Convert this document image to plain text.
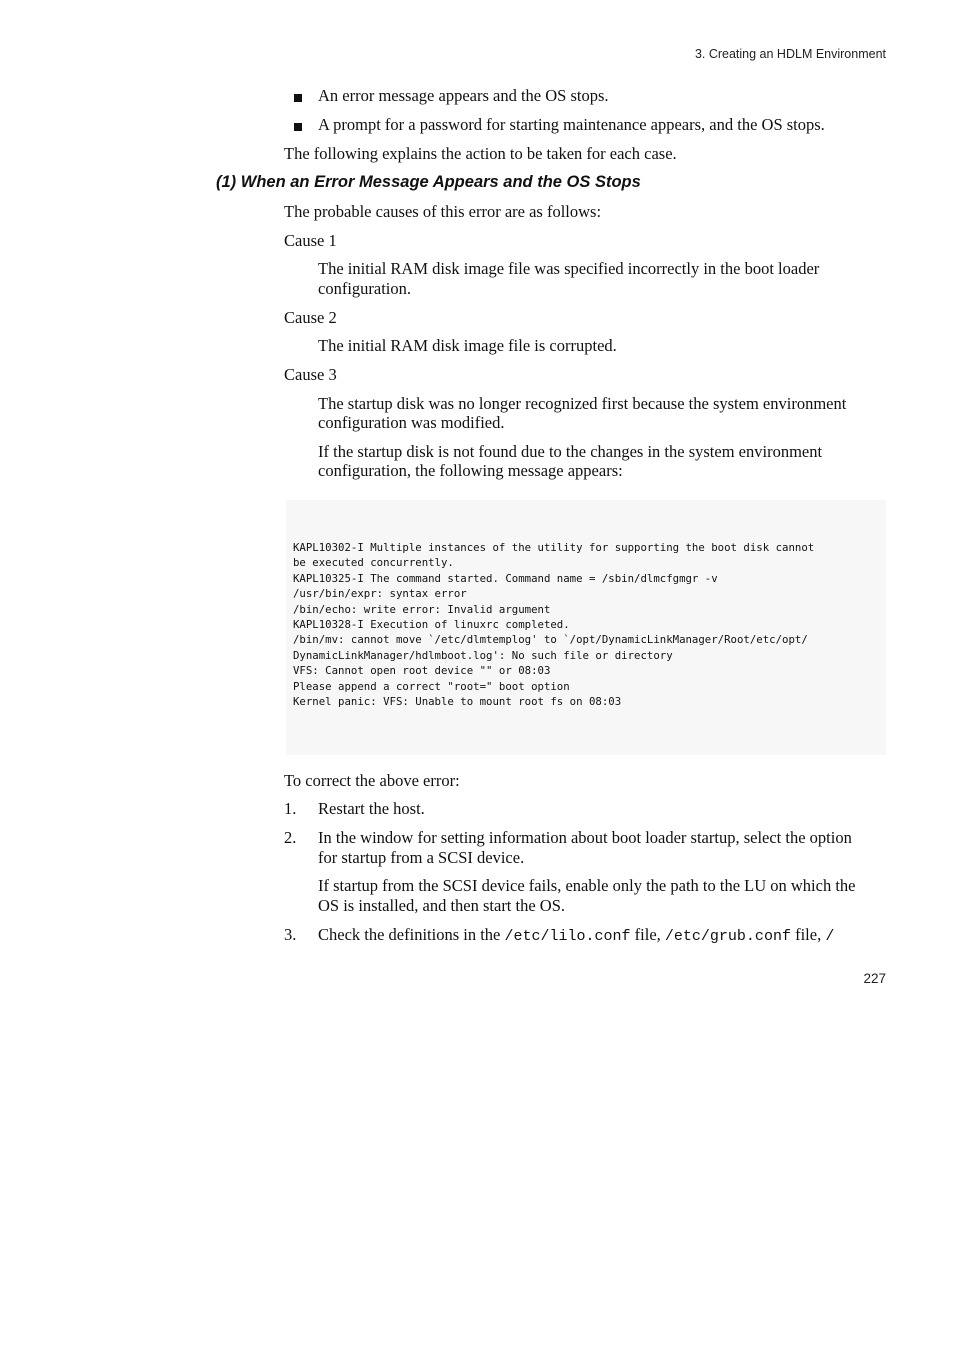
3. Creating an HDLM Environment
An error message appears and the OS stops.
A prompt for a password for starting maintenance appears, and the OS stops.
The following explains the action to be taken for each case.
(1) When an Error Message Appears and the OS Stops
The probable causes of this error are as follows:
Cause 1
The initial RAM disk image file was specified incorrectly in the boot loader
configuration.
Cause 2
The initial RAM disk image file is corrupted.
Cause 3
The startup disk was no longer recognized first because the system environment
configuration was modified.
If the startup disk is not found due to the changes in the system environment
configuration, the following message appears:
KAPL10302-I Multiple instances of the utility for supporting the boot disk cannot
be executed concurrently.
KAPL10325-I The command started. Command name = /sbin/dlmcfgmgr -v
/usr/bin/expr: syntax error
/bin/echo: write error: Invalid argument
KAPL10328-I Execution of linuxrc completed.
/bin/mv: cannot move `/etc/dlmtemplog' to `/opt/DynamicLinkManager/Root/etc/opt/
DynamicLinkManager/hdlmboot.log': No such file or directory
VFS: Cannot open root device "" or 08:03
Please append a correct "root=" boot option
Kernel panic: VFS: Unable to mount root fs on 08:03
To correct the above error:
1. Restart the host.
2. In the window for setting information about boot loader startup, select the option
for startup from a SCSI device.
If startup from the SCSI device fails, enable only the path to the LU on which the
OS is installed, and then start the OS.
3. Check the definitions in the /etc/lilo.conf file, /etc/grub.conf file, /
227
